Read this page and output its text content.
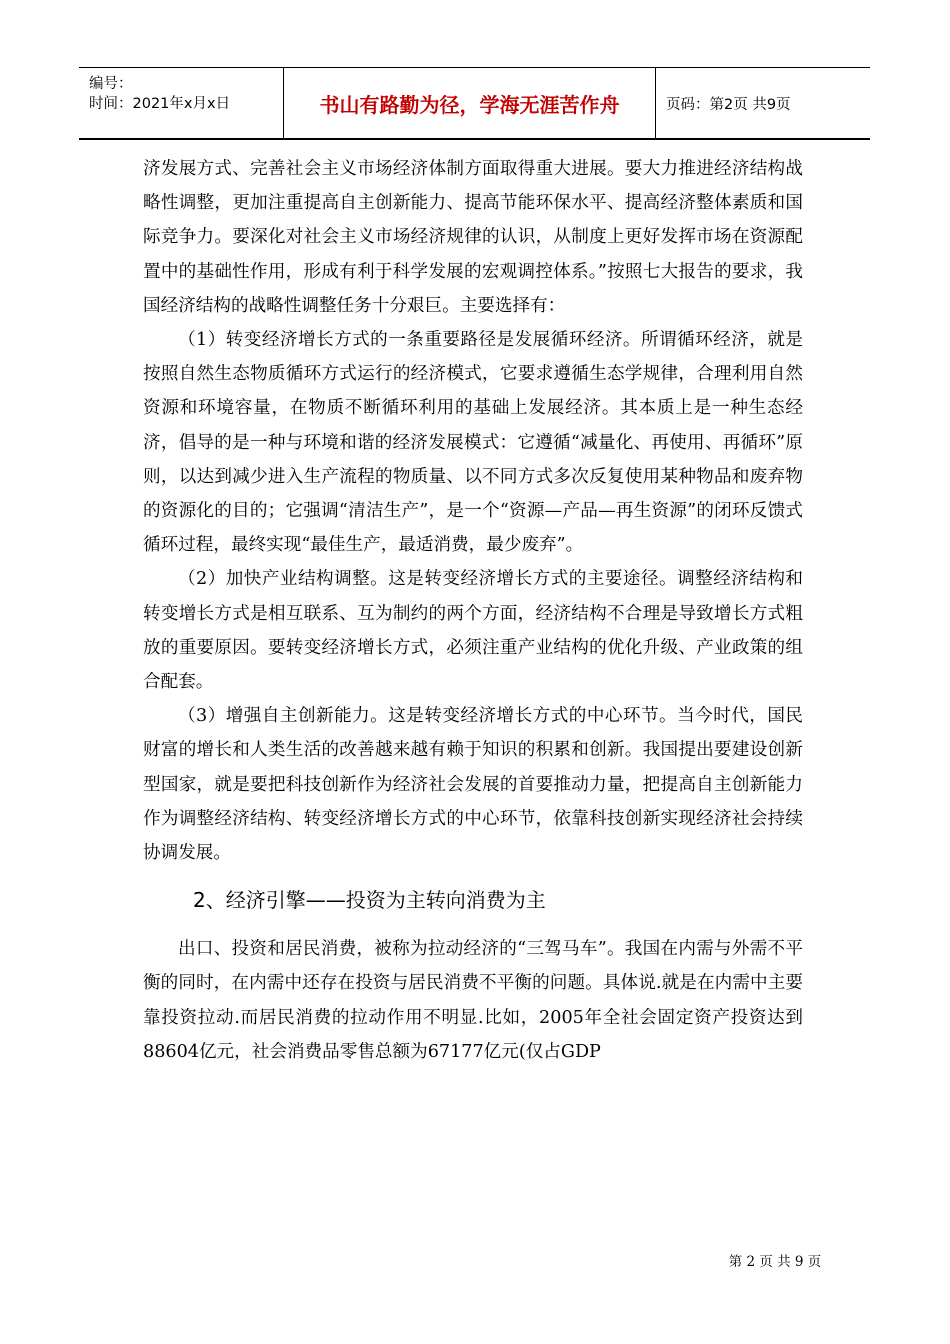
编号：
时间：2021年x月x日	书山有路勤为径，学海无涯苦作舟	页码：第2页 共9页

济发展方式、完善社会主义市场经济体制方面取得重大进展。要大力推进经济结构战略性调整，更加注重提高自主创新能力、提高节能环保水平、提高经济整体素质和国际竞争力。要深化对社会主义市场经济规律的认识，从制度上更好发挥市场在资源配置中的基础性作用，形成有利于科学发展的宏观调控体系。”按照七大报告的要求，我国经济结构的战略性调整任务十分艰巨。主要选择有：

（1）转变经济增长方式的一条重要路径是发展循环经济。所谓循环经济，就是按照自然生态物质循环方式运行的经济模式，它要求遵循生态学规律，合理利用自然资源和环境容量，在物质不断循环利用的基础上发展经济。其本质上是一种生态经济，倡导的是一种与环境和谐的经济发展模式：它遵循“减量化、再使用、再循环”原则，以达到减少进入生产流程的物质量、以不同方式多次反复使用某种物品和废弃物的资源化的目的；它强调“清洁生产”，是一个“资源—产品—再生资源”的闭环反馈式循环过程，最终实现“最佳生产，最适消费，最少废弃”。

（2）加快产业结构调整。这是转变经济增长方式的主要途径。调整经济结构和转变增长方式是相互联系、互为制约的两个方面，经济结构不合理是导致增长方式粗放的重要原因。要转变经济增长方式，必须注重产业结构的优化升级、产业政策的组合配套。

（3）增强自主创新能力。这是转变经济增长方式的中心环节。当今时代，国民财富的增长和人类生活的改善越来越有赖于知识的积累和创新。我国提出要建设创新型国家，就是要把科技创新作为经济社会发展的首要推动力量，把提高自主创新能力作为调整经济结构、转变经济增长方式的中心环节，依靠科技创新实现经济社会持续协调发展。

2、经济引擎——投资为主转向消费为主

出口、投资和居民消费，被称为拉动经济的“三驾马车”。我国在内需与外需不平衡的同时，在内需中还存在投资与居民消费不平衡的问题。具体说.就是在内需中主要靠投资拉动.而居民消费的拉动作用不明显.比如，2005年全社会固定资产投资达到88604亿元，社会消费品零售总额为67177亿元(仅占GDP

第 2 页 共 9 页
